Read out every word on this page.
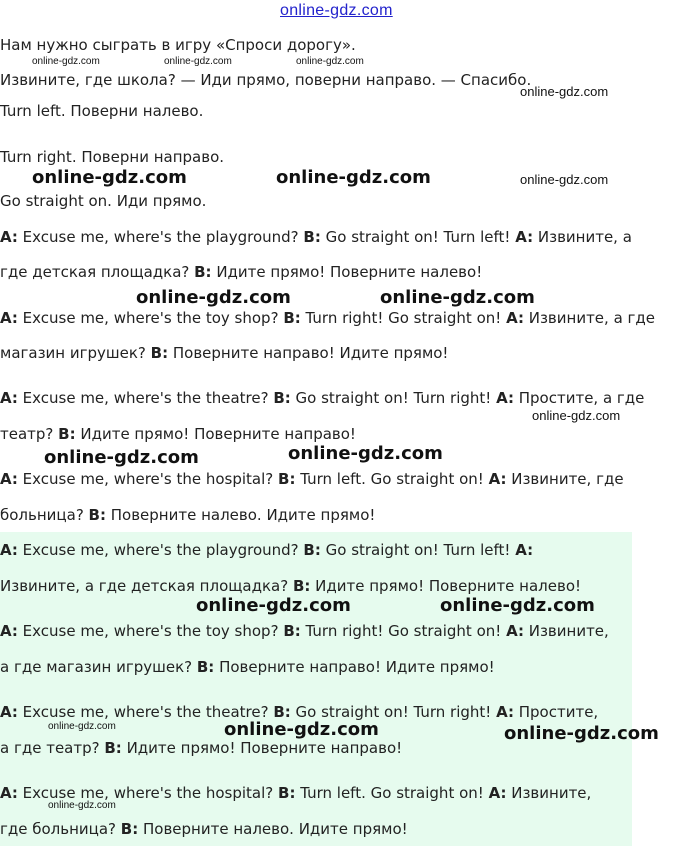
online-gdz.com
Нам нужно сыграть в игру «Спроси дорогу».
Извините, где школа? — Иди прямо, поверни направо. — Спасибо.
Turn left. Поверни налево.
Turn right. Поверни направо.
Go straight on. Иди прямо.
A: Excuse me, where's the playground? B: Go straight on! Turn left! A: Извините, а
где детская площадка? B: Идите прямо! Поверните налево!
A: Excuse me, where's the toy shop? B: Turn right! Go straight on! A: Извините, а где
магазин игрушек? B: Поверните направо! Идите прямо!
A: Excuse me, where's the theatre? B: Go straight on! Turn right! A: Простите, а где
театр? B: Идите прямо! Поверните направо!
A: Excuse me, where's the hospital? B: Turn left. Go straight on! A: Извините, где
больница? B: Поверните налево. Идите прямо!
A: Excuse me, where's the playground? B: Go straight on! Turn left! A:
Извините, а где детская площадка? B: Идите прямо! Поверните налево!
A: Excuse me, where's the toy shop? B: Turn right! Go straight on! A: Извините,
а где магазин игрушек? B: Поверните направо! Идите прямо!
A: Excuse me, where's the theatre? B: Go straight on! Turn right! A: Простите,
а где театр? B: Идите прямо! Поверните направо!
A: Excuse me, where's the hospital? B: Turn left. Go straight on! A: Извините,
где больница? B: Поверните налево. Идите прямо!
online-gdz.com	online-gdz.com	online-gdz.com
online-gdz.com
online-gdz.com	online-gdz.com	online-gdz.com
online-gdz.com	online-gdz.com
online-gdz.com
online-gdz.com	online-gdz.com
online-gdz.com	online-gdz.com
online-gdz.com	online-gdz.com	online-gdz.com
online-gdz.com
